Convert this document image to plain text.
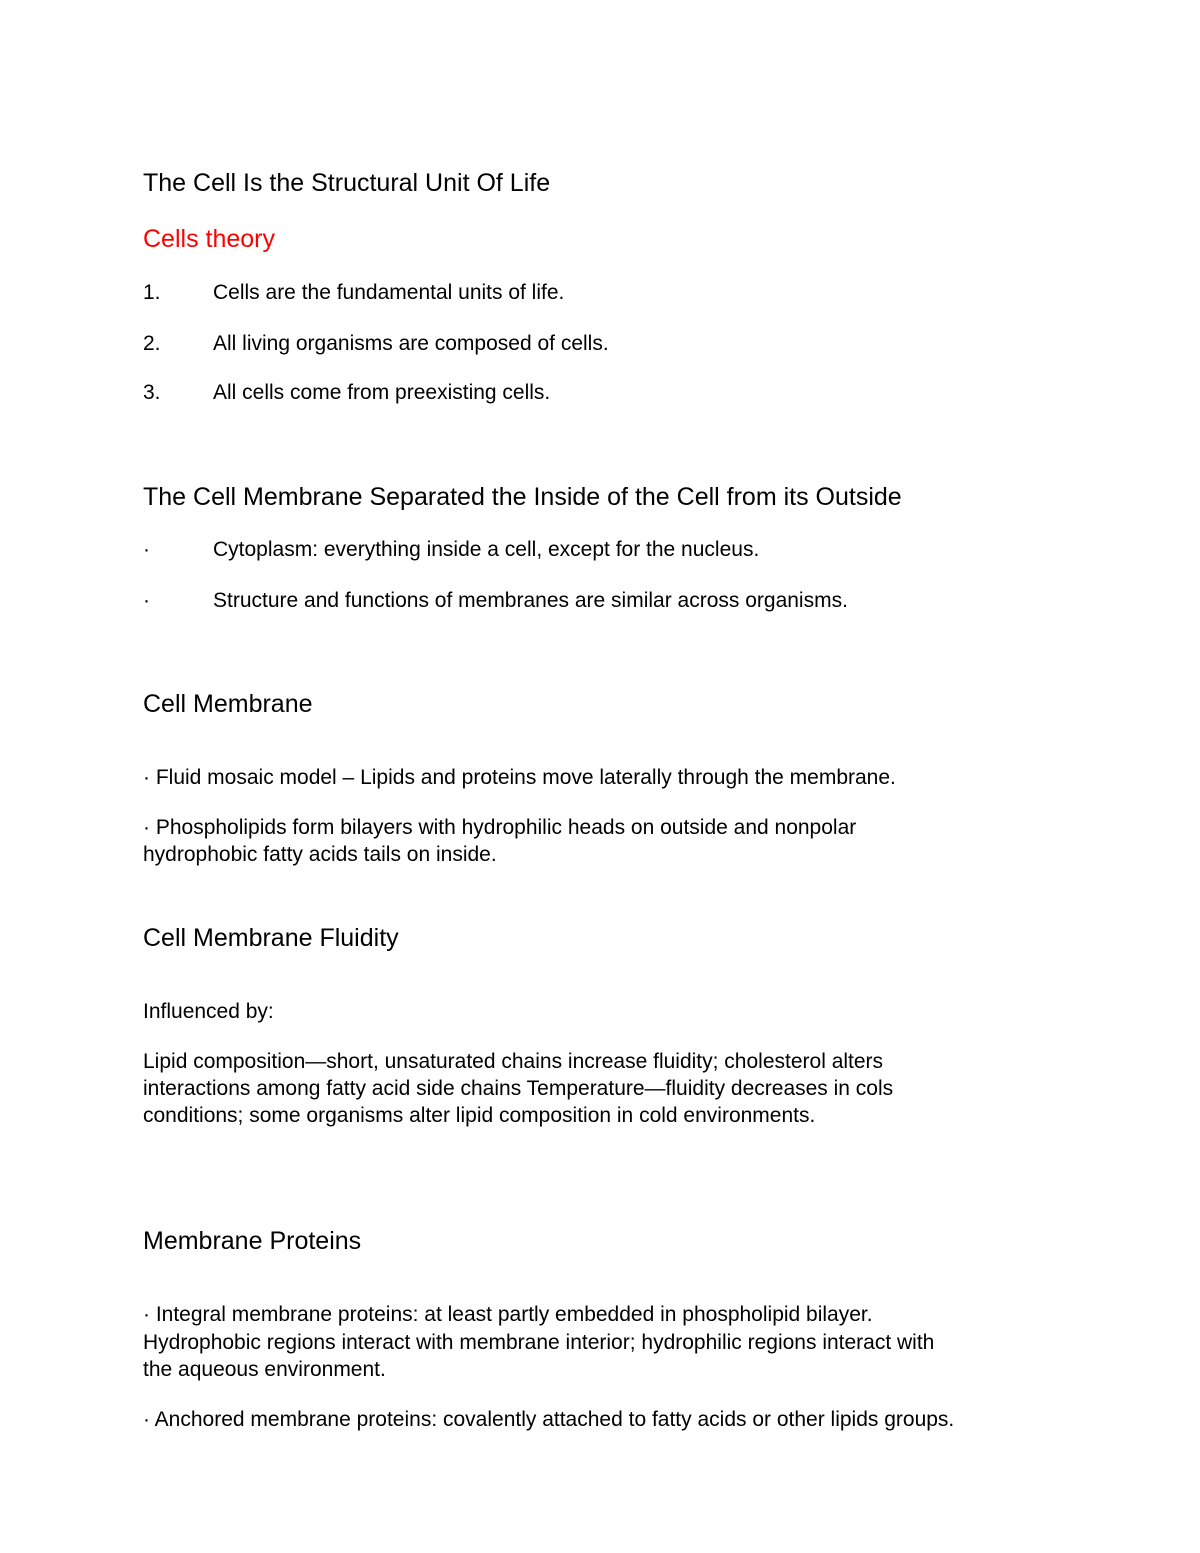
The Cell Is the Structural Unit Of Life
Cells theory
1. Cells are the fundamental units of life.
2. All living organisms are composed of cells.
3. All cells come from preexisting cells.
The Cell Membrane Separated the Inside of the Cell from its Outside
·	Cytoplasm: everything inside a cell, except for the nucleus.
·	Structure and functions of membranes are similar across organisms.
Cell Membrane

· Fluid mosaic model – Lipids and proteins move laterally through the membrane.

· Phospholipids form bilayers with hydrophilic heads on outside and nonpolar

hydrophobic fatty acids tails on inside.

Cell Membrane Fluidity

Influenced by:

Lipid composition—short, unsaturated chains increase fluidity; cholesterol alters

interactions among fatty acid side chains Temperature—fluidity decreases in cols

conditions; some organisms alter lipid composition in cold environments.

Membrane Proteins

· Integral membrane proteins: at least partly embedded in phospholipid bilayer.

Hydrophobic regions interact with membrane interior; hydrophilic regions interact with

the aqueous environment.

· Anchored membrane proteins: covalently attached to fatty acids or other lipids groups.
